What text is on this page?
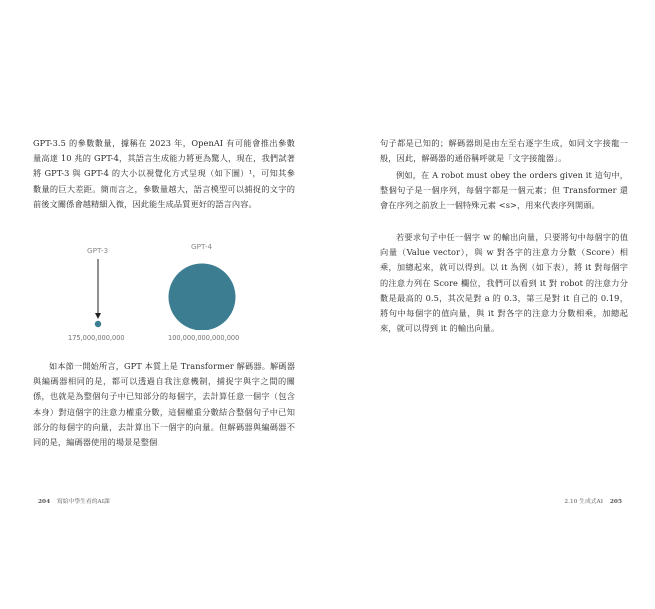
GPT-3.5 的參數數量，據稱在 2023 年，OpenAI 有可能會推出參數量高達 10 兆的 GPT-4，其語言生成能力將更為驚人，現在，我們試著將 GPT-3 與 GPT-4 的大小以視覺化方式呈現（如下圖）¹，可知其參數量的巨大差距。簡而言之，參數量越大，語言模型可以捕捉的文字的前後文關係會越精細入微，因此能生成品質更好的語言內容。

GPT-3	GPT-4
175,000,000,000	100,000,000,000,000

如本節一開始所言，GPT 本質上是 Transformer 解碼器。解碼器與編碼器相同的是，都可以透過自我注意機制，捕捉字與字之間的關係，也就是為整個句子中已知部分的每個字，去計算任意一個字（包含本身）對這個字的注意力權重分數，這個權重分數結合整個句子中已知部分的每個字的向量，去計算出下一個字的向量。但解碼器與編碼器不同的是，編碼器使用的場景是整個

204 寫給中學生看的AI課

句子都是已知的；解碼器則是由左至右逐字生成，如同文字接龍一般，因此，解碼器的通俗稱呼就是「文字接龍器」。

例如，在 A robot must obey the orders given it 這句中，整個句子是一個序列，每個字都是一個元素；但 Transformer 還會在序列之前放上一個特殊元素 <s>，用來代表序列開頭。

若要求句子中任一個字 w 的輸出向量，只要將句中每個字的值向量（Value vector），與 w 對各字的注意力分數（Score）相乘，加總起來，就可以得到。以 it 為例（如下表），將 it 對每個字的注意力列在 Score 欄位，我們可以看到 it 對 robot 的注意力分數是最高的 0.5，其次是對 a 的 0.3，第三是對 it 自己的 0.19，將句中每個字的值向量，與 it 對各字的注意力分數相乘，加總起來，就可以得到 it 的輸出向量。

2.10 生成式AI 205
